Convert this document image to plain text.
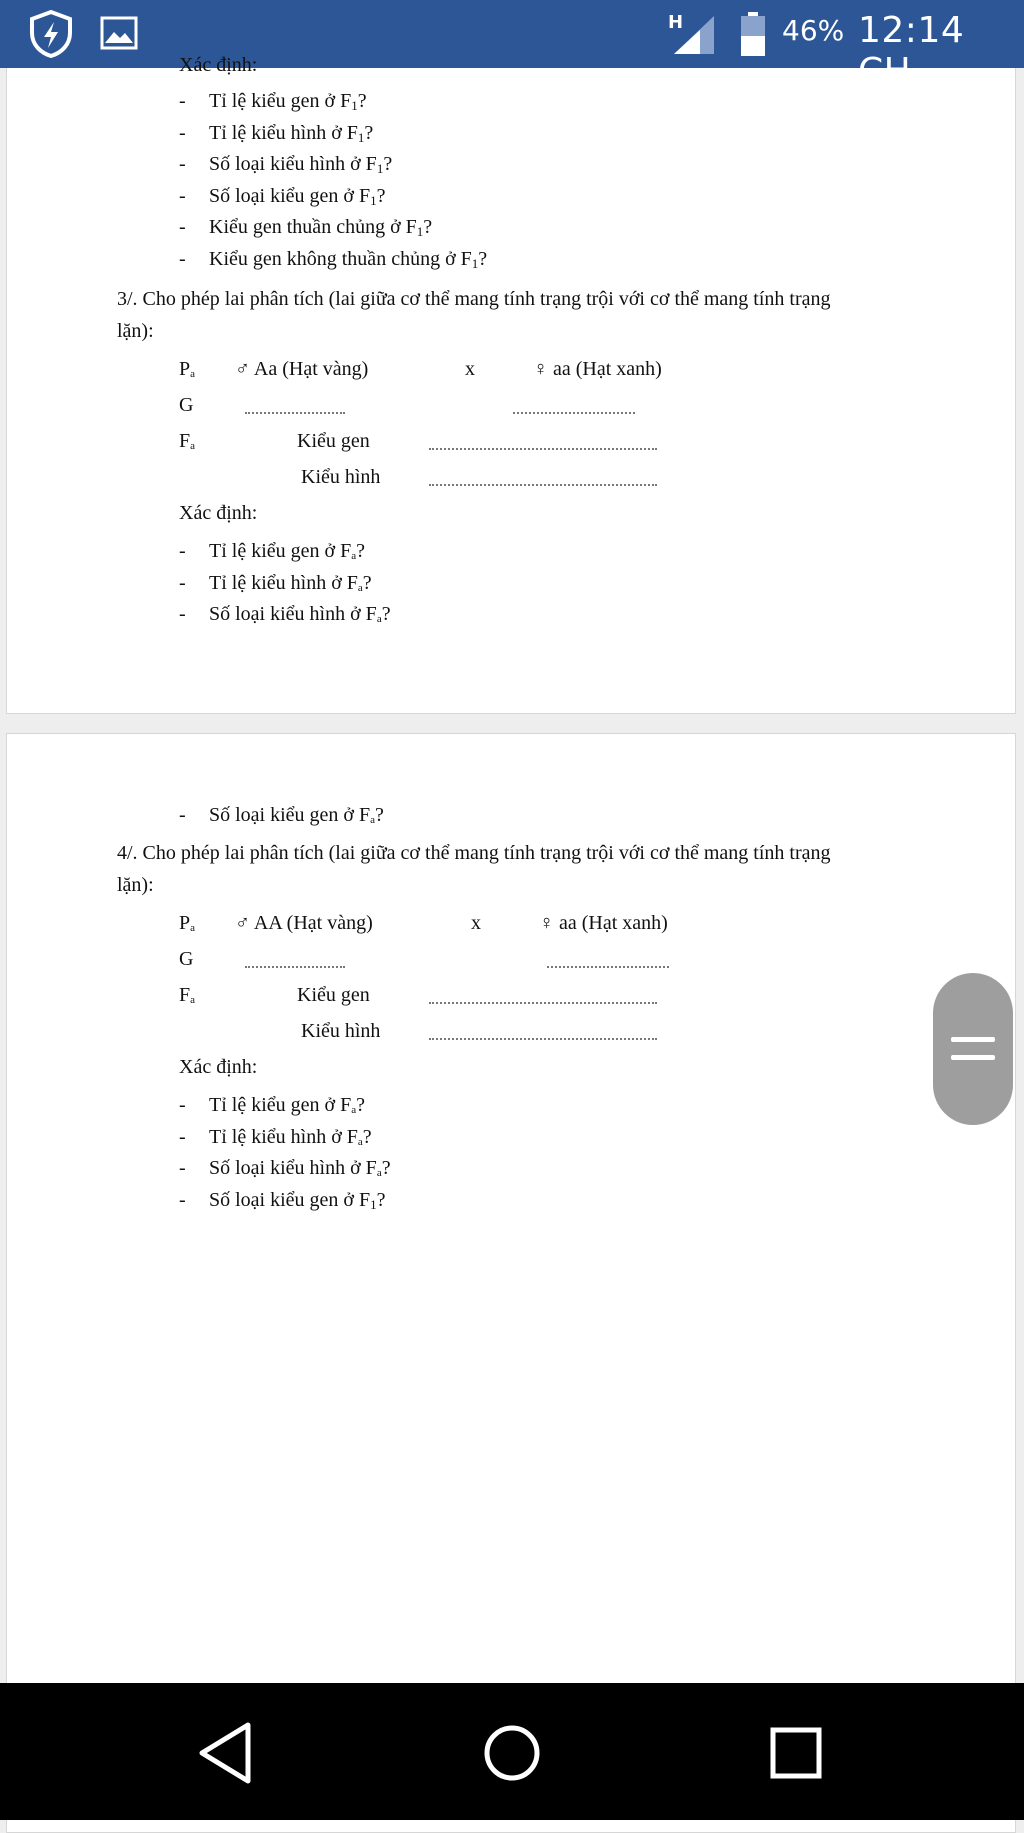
H	46% 12:14
Xác định:
- Tỉ lệ kiểu gen ở F1?
- Tỉ lệ kiểu hình ở F1?
- Số loại kiểu hình ở F1?
- Số loại kiểu gen ở F1?
- Kiểu gen thuần chủng ở F1?
- Kiểu gen không thuần chủng ở F1?
3/. Cho phép lai phân tích (lai giữa cơ thể mang tính trạng trội với cơ thể mang tính trạng
lặn):
Pa ♂ Aa (Hạt vàng)	x	♀ aa (Hạt xanh)
G
Fa	Kiểu gen
Kiểu hình
Xác định:
- Tỉ lệ kiểu gen ở Fa?
- Tỉ lệ kiểu hình ở Fa?
- Số loại kiểu hình ở Fa?
- Số loại kiểu gen ở Fa?
4/. Cho phép lai phân tích (lai giữa cơ thể mang tính trạng trội với cơ thể mang tính trạng
lặn):
Pa ♂ AA (Hạt vàng)	x	♀ aa (Hạt xanh)
G
Fa	Kiểu gen
Kiểu hình
Xác định:
- Tỉ lệ kiểu gen ở Fa?
- Tỉ lệ kiểu hình ở Fa?
- Số loại kiểu hình ở Fa?
- Số loại kiểu gen ở F1?
